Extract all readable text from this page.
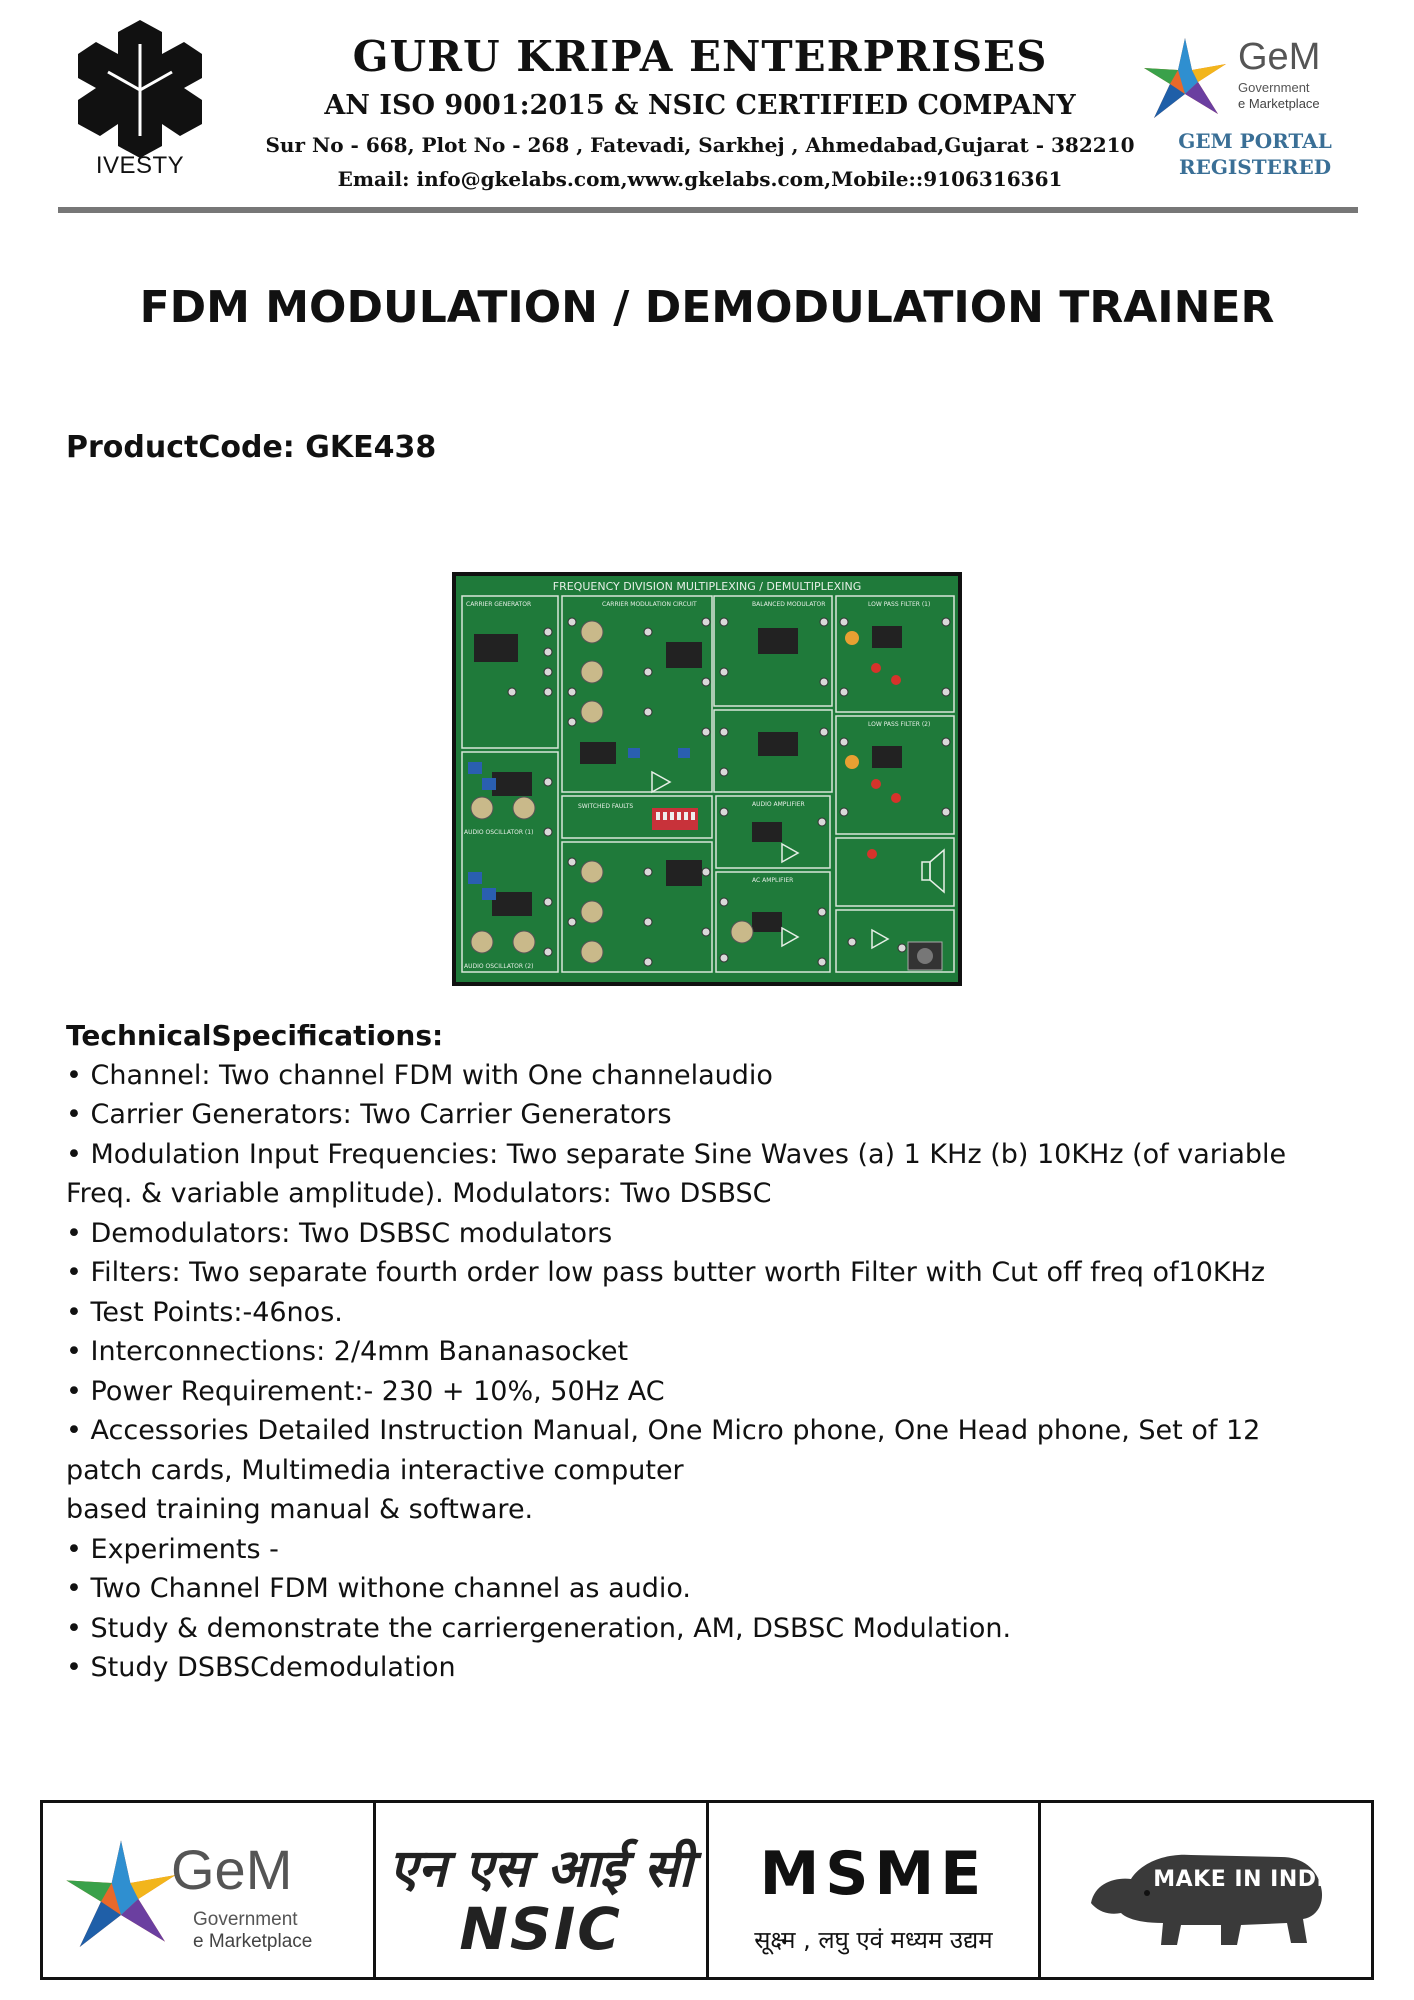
IVESTY
GURU KRIPA ENTERPRISES

AN ISO 9001:2015 & NSIC CERTIFIED COMPANY

Sur No - 668, Plot No - 268 , Fatevadi, Sarkhej , Ahmedabad,Gujarat - 382210

Email: info@gkelabs.com,www.gkelabs.com,Mobile::9106316361

GeM
Government
e Marketplace
GEM PORTAL
REGISTERED
FDM MODULATION / DEMODULATION TRAINER

ProductCode: GKE438

FREQUENCY DIVISION MULTIPLEXING / DEMULTIPLEXING
CARRIER GENERATOR	CARRIER MODULATION CIRCUIT	BALANCED MODULATOR	LOW PASS FILTER (1)
LOW PASS FILTER (2)
SWITCHED FAULTS	AUDIO AMPLIFIER
AC AMPLIFIER
AUDIO OSCILLATOR (1)
AUDIO OSCILLATOR (2)

TechnicalSpecifications:

• Channel: Two channel FDM with One channelaudio
• Carrier Generators: Two Carrier Generators
• Modulation Input Frequencies: Two separate Sine Waves (a) 1 KHz (b) 10KHz (of variable
Freq. & variable amplitude). Modulators: Two DSBSC
• Demodulators: Two DSBSC modulators
• Filters: Two separate fourth order low pass butter worth Filter with Cut off freq of10KHz
• Test Points:-46nos.
• Interconnections: 2/4mm Bananasocket
• Power Requirement:- 230 + 10%, 50Hz AC
• Accessories Detailed Instruction Manual, One Micro phone, One Head phone, Set of 12
patch cards, Multimedia interactive computer
based training manual & software.
• Experiments -
• Two Channel FDM withone channel as audio.
• Study & demonstrate the carriergeneration, AM, DSBSC Modulation.
• Study DSBSCdemodulation
GeM
Government
e Marketplace
एन एस आई सी
NSIC
MSME
सूक्ष्म , लघु एवं मध्यम उद्यम
MAKE IN INDIA
